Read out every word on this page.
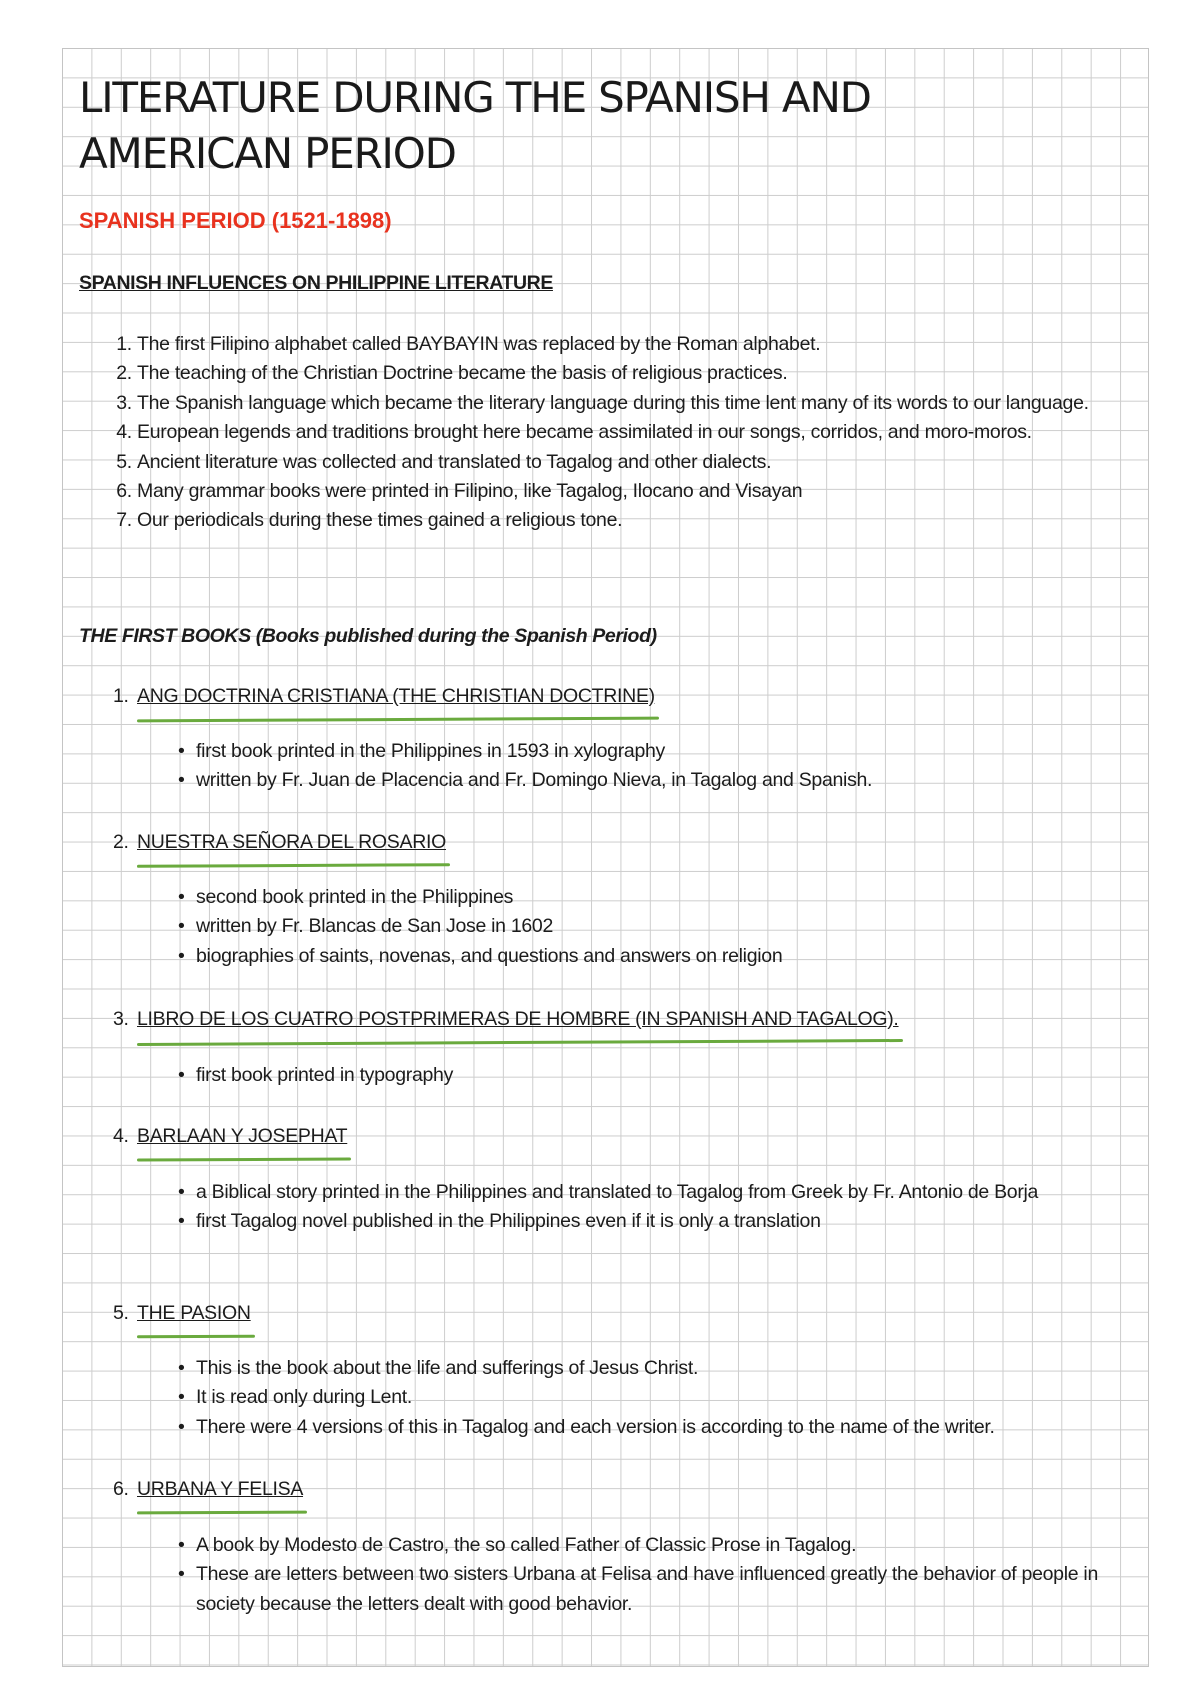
LITERATURE DURING THE SPANISH AND AMERICAN PERIOD
SPANISH PERIOD (1521-1898)
SPANISH INFLUENCES ON PHILIPPINE LITERATURE
1. The first Filipino alphabet called BAYBAYIN was replaced by the Roman alphabet.
2. The teaching of the Christian Doctrine became the basis of religious practices.
3. The Spanish language which became the literary language during this time lent many of its words to our language.
4. European legends and traditions brought here became assimilated in our songs, corridos, and moro-moros.
5. Ancient literature was collected and translated to Tagalog and other dialects.
6. Many grammar books were printed in Filipino, like Tagalog, Ilocano and Visayan
7. Our periodicals during these times gained a religious tone.
THE FIRST BOOKS (Books published during the Spanish Period)
1. ANG DOCTRINA CRISTIANA (THE CHRISTIAN DOCTRINE)
• first book printed in the Philippines in 1593 in xylography
• written by Fr. Juan de Placencia and Fr. Domingo Nieva, in Tagalog and Spanish.
2. NUESTRA SEÑORA DEL ROSARIO
• second book printed in the Philippines
• written by Fr. Blancas de San Jose in 1602
• biographies of saints, novenas, and questions and answers on religion
3. LIBRO DE LOS CUATRO POSTPRIMERAS DE HOMBRE (IN SPANISH AND TAGALOG).
• first book printed in typography
4. BARLAAN Y JOSEPHAT
• a Biblical story printed in the Philippines and translated to Tagalog from Greek by Fr. Antonio de Borja
• first Tagalog novel published in the Philippines even if it is only a translation
5. THE PASION
• This is the book about the life and sufferings of Jesus Christ.
• It is read only during Lent.
• There were 4 versions of this in Tagalog and each version is according to the name of the writer.
6. URBANA Y FELISA
• A book by Modesto de Castro, the so called Father of Classic Prose in Tagalog.
• These are letters between two sisters Urbana at Felisa and have influenced greatly the behavior of people in society because the letters dealt with good behavior.
